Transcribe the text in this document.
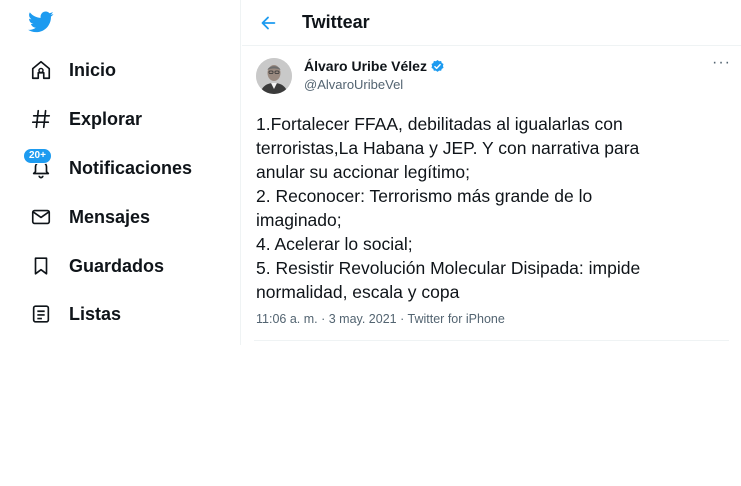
Inicio
Explorar
20+
Notificaciones
Mensajes
Guardados
Listas
Twittear
Álvaro Uribe Vélez
@AlvaroUribeVel
···

1.Fortalecer FFAA, debilitadas al igualarlas con

terroristas,La Habana y JEP. Y con narrativa para

anular su accionar legítimo;

2. Reconocer: Terrorismo más grande de lo

imaginado;

4. Acelerar lo social;

5. Resistir Revolución Molecular Disipada: impide

normalidad, escala y copa

11:06 a. m. · 3 may. 2021 · Twitter for iPhone
